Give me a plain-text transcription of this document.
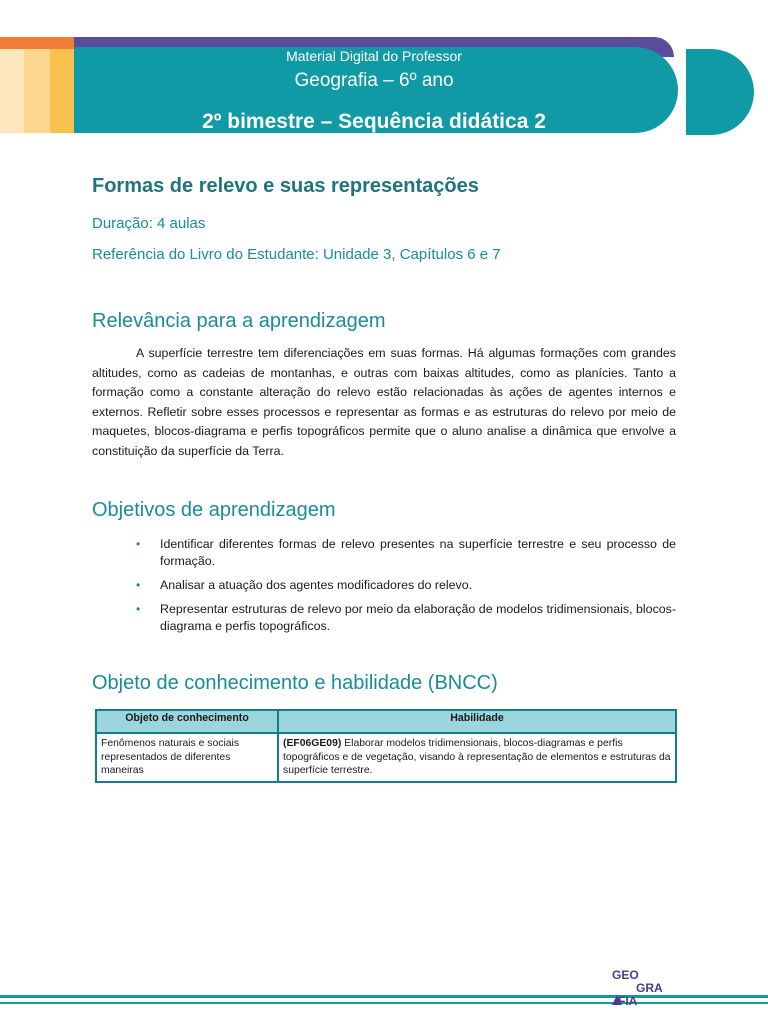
Material Digital do Professor
Geografia – 6º ano
2º bimestre – Sequência didática 2
Formas de relevo e suas representações

Duração: 4 aulas

Referência do Livro do Estudante: Unidade 3, Capítulos 6 e 7

Relevância para a aprendizagem

A superfície terrestre tem diferenciações em suas formas. Há algumas formações com grandes altitudes, como as cadeias de montanhas, e outras com baixas altitudes, como as planícies. Tanto a formação como a constante alteração do relevo estão relacionadas às ações de agentes internos e externos. Refletir sobre esses processos e representar as formas e as estruturas do relevo por meio de maquetes, blocos-diagrama e perfis topográficos permite que o aluno analise a dinâmica que envolve a constituição da superfície da Terra.

Objetivos de aprendizagem
• Identificar diferentes formas de relevo presentes na superfície terrestre e seu processo de formação.
• Analisar a atuação dos agentes modificadores do relevo.
• Representar estruturas de relevo por meio da elaboração de modelos tridimensionais, blocos-diagrama e perfis topográficos.
Objeto de conhecimento e habilidade (BNCC)
Objeto de conhecimento	Habilidade
Fenômenos naturais e sociais representados de diferentes maneiras	(EF06GE09) Elaborar modelos tridimensionais, blocos-diagramas e perfis topográficos e de vegetação, visando à representação de elementos e estruturas da superfície terrestre.
GEO
GRA
FIA
